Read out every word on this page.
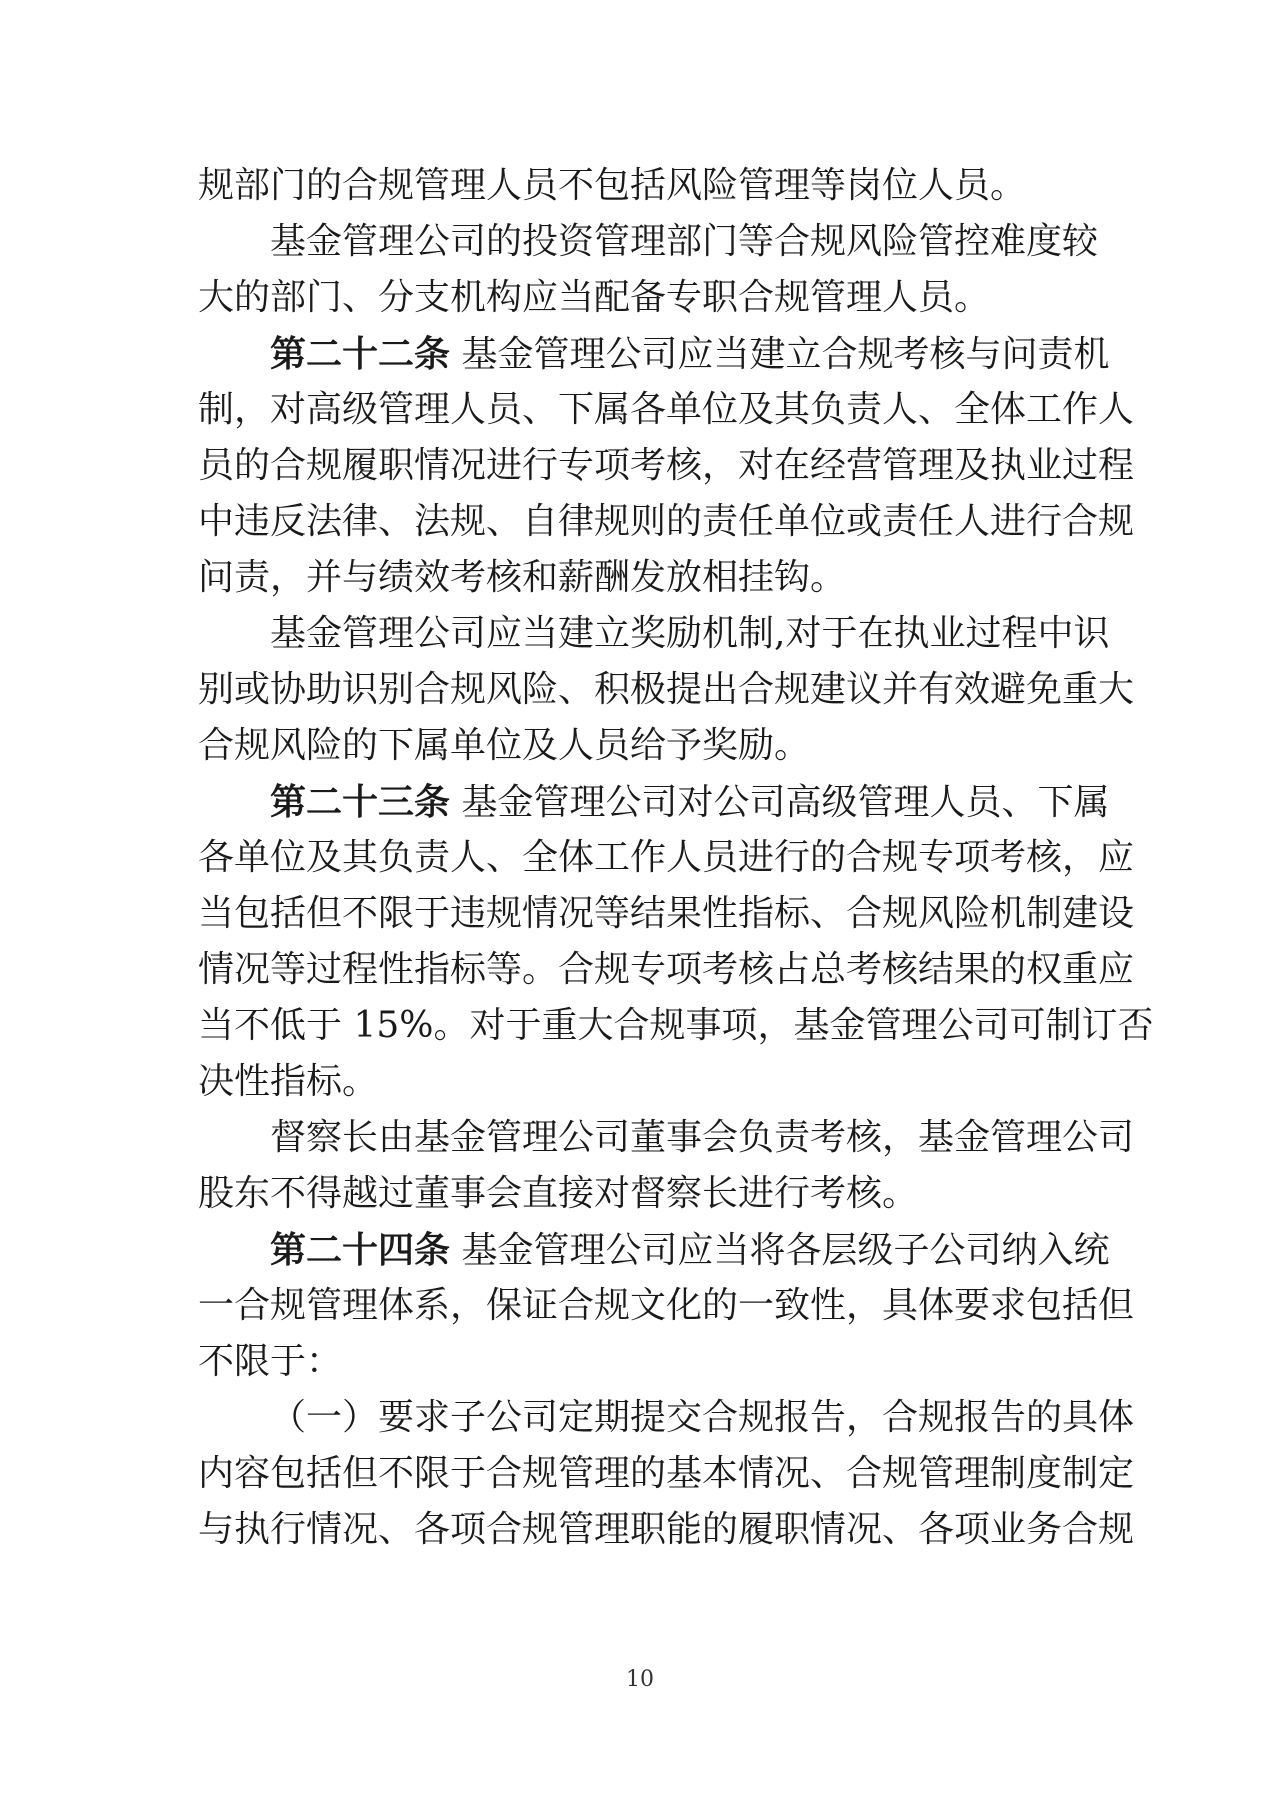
规部门的合规管理人员不包括风险管理等岗位人员。
基金管理公司的投资管理部门等合规风险管控难度较
大的部门、分支机构应当配备专职合规管理人员。
第二十二条 基金管理公司应当建立合规考核与问责机
制，对高级管理人员、下属各单位及其负责人、全体工作人
员的合规履职情况进行专项考核，对在经营管理及执业过程
中违反法律、法规、自律规则的责任单位或责任人进行合规
问责，并与绩效考核和薪酬发放相挂钩。
基金管理公司应当建立奖励机制,对于在执业过程中识
别或协助识别合规风险、积极提出合规建议并有效避免重大
合规风险的下属单位及人员给予奖励。
第二十三条 基金管理公司对公司高级管理人员、下属
各单位及其负责人、全体工作人员进行的合规专项考核，应
当包括但不限于违规情况等结果性指标、合规风险机制建设
情况等过程性指标等。合规专项考核占总考核结果的权重应
当不低于 15%。对于重大合规事项，基金管理公司可制订否
决性指标。
督察长由基金管理公司董事会负责考核，基金管理公司
股东不得越过董事会直接对督察长进行考核。
第二十四条 基金管理公司应当将各层级子公司纳入统
一合规管理体系，保证合规文化的一致性，具体要求包括但
不限于：
（一）要求子公司定期提交合规报告，合规报告的具体
内容包括但不限于合规管理的基本情况、合规管理制度制定
与执行情况、各项合规管理职能的履职情况、各项业务合规
10
